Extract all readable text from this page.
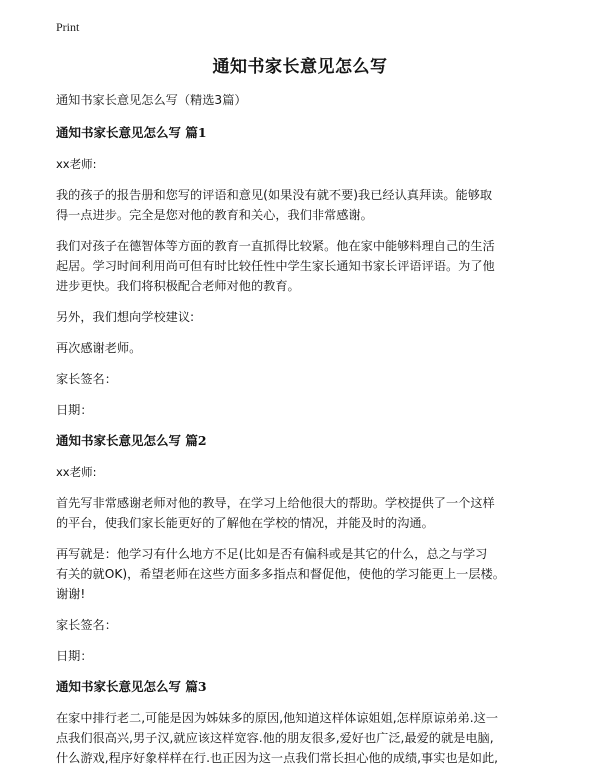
Print
通知书家长意见怎么写

通知书家长意见怎么写（精选3篇）

通知书家长意见怎么写 篇1

xx老师:

我的孩子的报告册和您写的评语和意见(如果没有就不要)我已经认真拜读。能够取

得一点进步。完全是您对他的教育和关心，我们非常感谢。

我们对孩子在德智体等方面的教育一直抓得比较紧。他在家中能够料理自己的生活

起居。学习时间利用尚可但有时比较任性中学生家长通知书家长评语评语。为了他

进步更快。我们将积极配合老师对他的教育。

另外，我们想向学校建议:

再次感谢老师。

家长签名：

日期：

通知书家长意见怎么写 篇2

xx老师:

首先写非常感谢老师对他的教导，在学习上给他很大的帮助。学校提供了一个这样

的平台，使我们家长能更好的了解他在学校的情况，并能及时的沟通。

再写就是：他学习有什么地方不足(比如是否有偏科或是其它的什么，总之与学习

有关的就OK)，希望老师在这些方面多多指点和督促他，使他的学习能更上一层楼。

谢谢!

家长签名：

日期：

通知书家长意见怎么写 篇3

在家中排行老二,可能是因为姊妹多的原因,他知道这样体谅姐姐,怎样原谅弟弟.这一

点我们很高兴,男子汉,就应该这样宽容.他的朋友很多,爱好也广泛,最爱的就是电脑,

什么游戏,程序好象样样在行.也正因为这一点我们常长担心他的成绩,事实也是如此,
